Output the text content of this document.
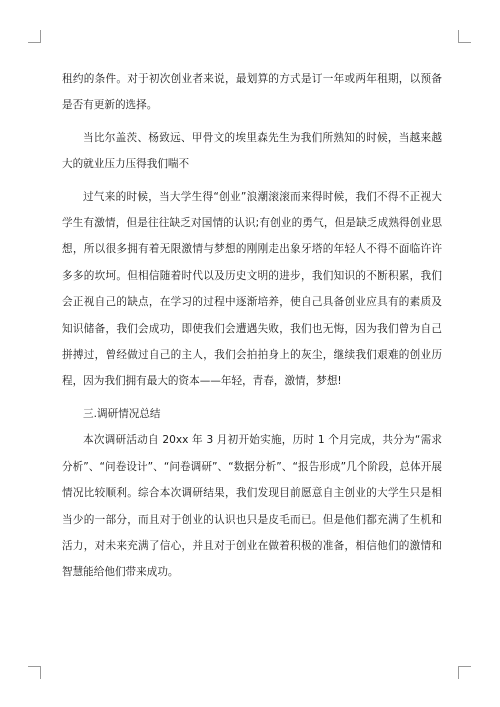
租约的条件。对于初次创业者来说，最划算的方式是订一年或两年租期，以预备是否有更新的选择。

当比尔盖茨、杨致远、甲骨文的埃里森先生为我们所熟知的时候，当越来越大的就业压力压得我们喘不

过气来的时候，当大学生得“创业”浪潮滚滚而来得时候，我们不得不正视大学生有激情，但是往往缺乏对国情的认识;有创业的勇气，但是缺乏成熟得创业思想，所以很多拥有着无限激情与梦想的刚刚走出象牙塔的年轻人不得不面临许许多多的坎坷。但相信随着时代以及历史文明的进步，我们知识的不断积累，我们会正视自己的缺点，在学习的过程中逐渐培养，使自己具备创业应具有的素质及知识储备，我们会成功，即使我们会遭遇失败，我们也无悔，因为我们曾为自己拼搏过，曾经做过自己的主人，我们会拍拍身上的灰尘，继续我们艰难的创业历程，因为我们拥有最大的资本——年轻，青春，激情，梦想!

三.调研情况总结

本次调研活动自 20xx 年 3 月初开始实施，历时 1 个月完成，共分为“需求分析”、“问卷设计”、“问卷调研”、“数据分析”、“报告形成”几个阶段，总体开展情况比较顺利。综合本次调研结果，我们发现目前愿意自主创业的大学生只是相当少的一部分，而且对于创业的认识也只是皮毛而已。但是他们都充满了生机和活力，对未来充满了信心，并且对于创业在做着积极的准备，相信他们的激情和智慧能给他们带来成功。
